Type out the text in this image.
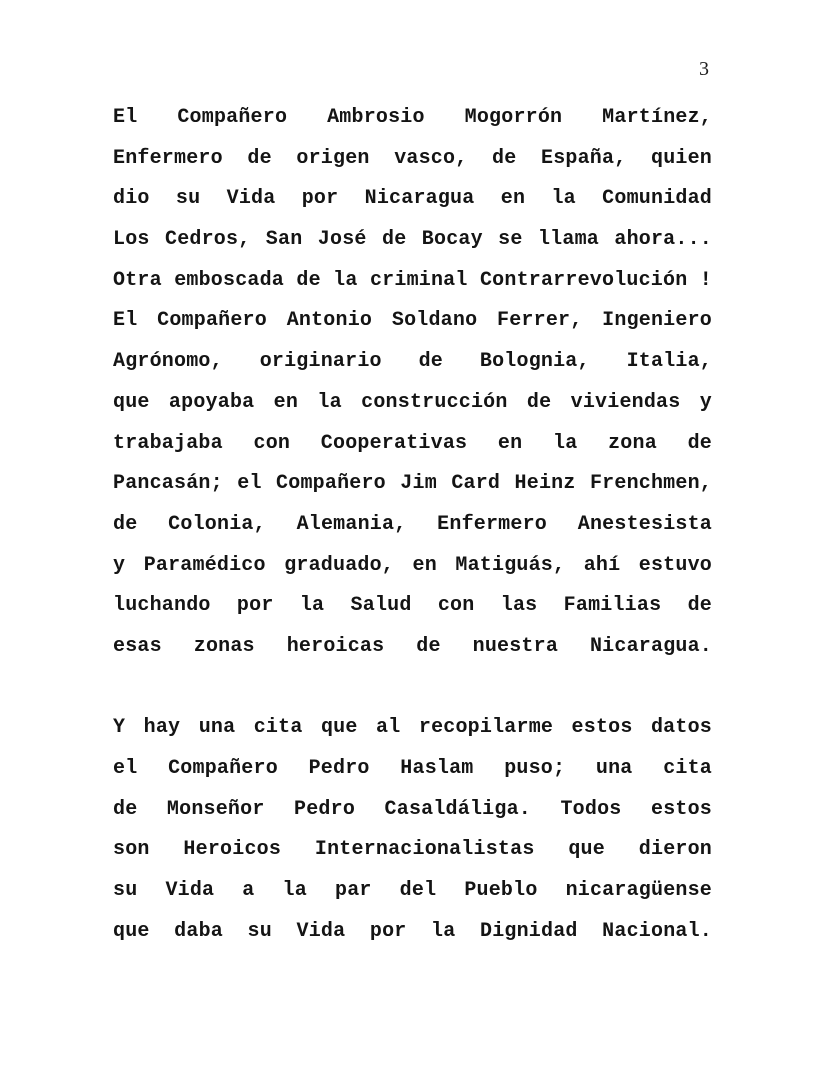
3
El Compañero Ambrosio Mogorrón Martínez,
Enfermero de origen vasco, de España, quien
dio su Vida por Nicaragua en la Comunidad
Los Cedros, San José de Bocay se llama ahora...
Otra emboscada de la criminal Contrarrevolución !
El Compañero Antonio Soldano Ferrer, Ingeniero
Agrónomo, originario de Bolognia, Italia,
que apoyaba en la construcción de viviendas y
trabajaba con Cooperativas en la zona de
Pancasán; el Compañero Jim Card Heinz Frenchmen,
de Colonia, Alemania, Enfermero Anestesista
y Paramédico graduado, en Matiguás, ahí estuvo
luchando por la Salud con las Familias de
esas zonas heroicas de nuestra Nicaragua.
Y hay una cita que al recopilarme estos datos
el Compañero Pedro Haslam puso; una cita
de Monseñor Pedro Casaldáliga. Todos estos
son Heroicos Internacionalistas que dieron
su Vida a la par del Pueblo nicaragüense
que daba su Vida por la Dignidad Nacional.
